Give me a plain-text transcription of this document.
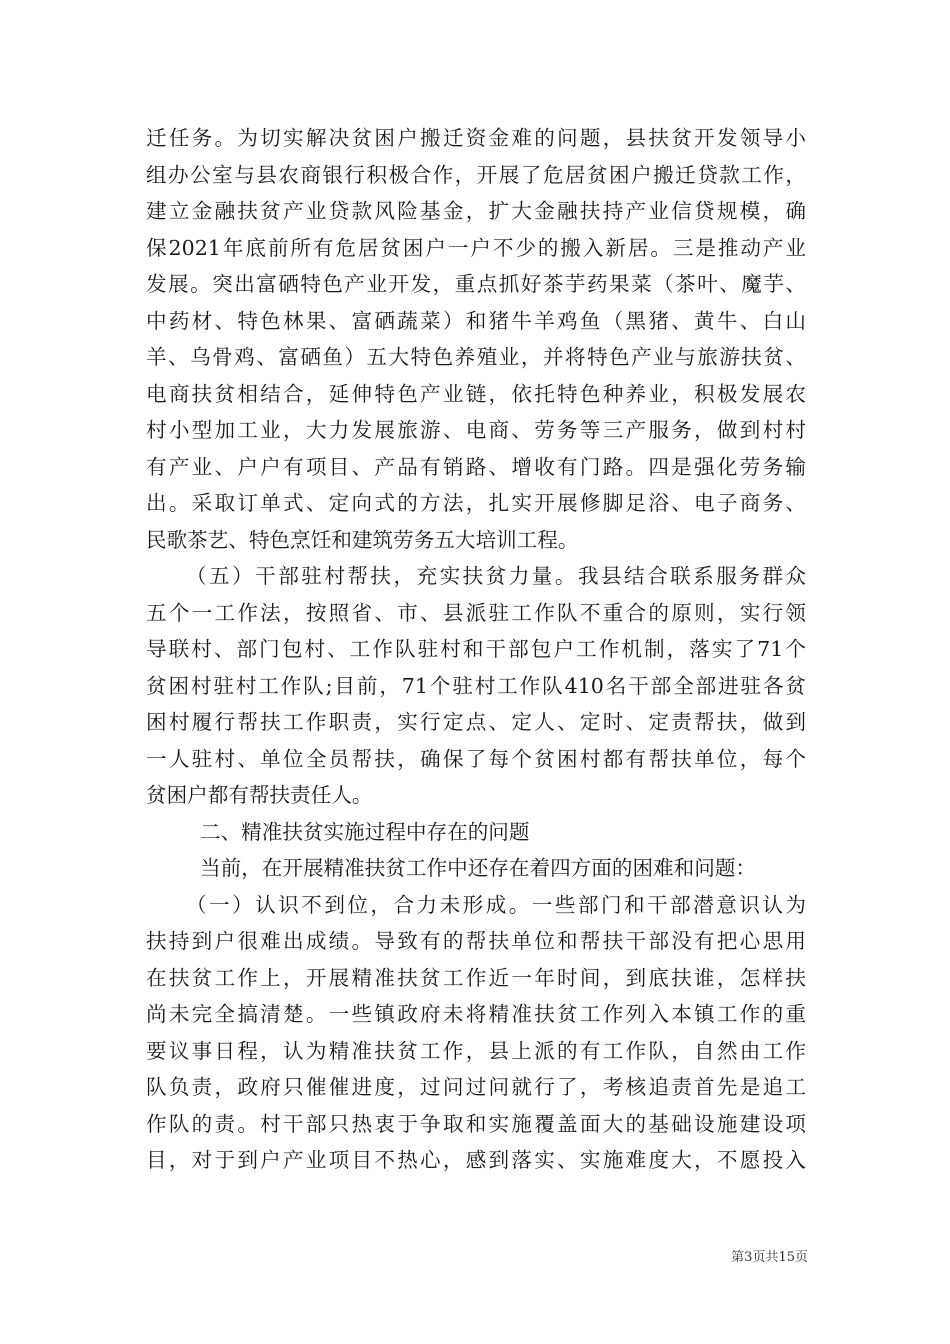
迁任务。为切实解决贫困户搬迁资金难的问题，县扶贫开发领导小
组办公室与县农商银行积极合作，开展了危居贫困户搬迁贷款工作，
建立金融扶贫产业贷款风险基金，扩大金融扶持产业信贷规模，确
保2021年底前所有危居贫困户一户不少的搬入新居。三是推动产业
发展。突出富硒特色产业开发，重点抓好茶芋药果菜（茶叶、魔芋、
中药材、特色林果、富硒蔬菜）和猪牛羊鸡鱼（黑猪、黄牛、白山
羊、乌骨鸡、富硒鱼）五大特色养殖业，并将特色产业与旅游扶贫、
电商扶贫相结合，延伸特色产业链，依托特色种养业，积极发展农
村小型加工业，大力发展旅游、电商、劳务等三产服务，做到村村
有产业、户户有项目、产品有销路、增收有门路。四是强化劳务输
出。采取订单式、定向式的方法，扎实开展修脚足浴、电子商务、
民歌茶艺、特色烹饪和建筑劳务五大培训工程。
（五）干部驻村帮扶，充实扶贫力量。我县结合联系服务群众
五个一工作法，按照省、市、县派驻工作队不重合的原则，实行领
导联村、部门包村、工作队驻村和干部包户工作机制，落实了71个
贫困村驻村工作队;目前，71个驻村工作队410名干部全部进驻各贫
困村履行帮扶工作职责，实行定点、定人、定时、定责帮扶，做到
一人驻村、单位全员帮扶，确保了每个贫困村都有帮扶单位，每个
贫困户都有帮扶责任人。
二、精准扶贫实施过程中存在的问题
当前，在开展精准扶贫工作中还存在着四方面的困难和问题：
（一）认识不到位，合力未形成。一些部门和干部潜意识认为
扶持到户很难出成绩。导致有的帮扶单位和帮扶干部没有把心思用
在扶贫工作上，开展精准扶贫工作近一年时间，到底扶谁，怎样扶
尚未完全搞清楚。一些镇政府未将精准扶贫工作列入本镇工作的重
要议事日程，认为精准扶贫工作，县上派的有工作队，自然由工作
队负责，政府只催催进度，过问过问就行了，考核追责首先是追工
作队的责。村干部只热衷于争取和实施覆盖面大的基础设施建设项
目，对于到户产业项目不热心，感到落实、实施难度大，不愿投入
第3页共15页
